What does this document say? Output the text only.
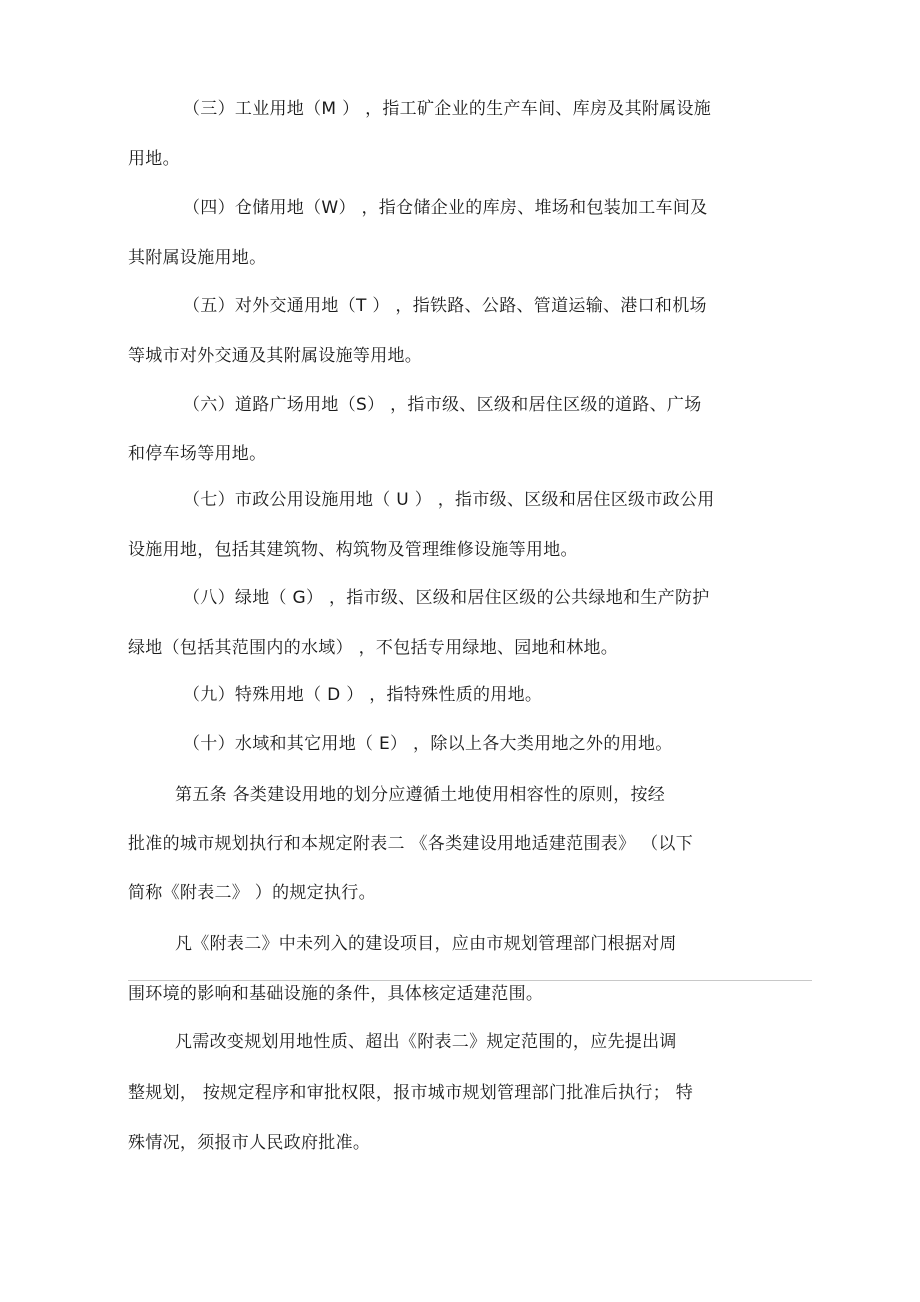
（三）工业用地（M ） ，指工矿企业的生产车间、库房及其附属设施
用地。
（四）仓储用地（W） ，指仓储企业的库房、堆场和包装加工车间及
其附属设施用地。
（五）对外交通用地（T ） ，指铁路、公路、管道运输、港口和机场
等城市对外交通及其附属设施等用地。
（六）道路广场用地（S） ，指市级、区级和居住区级的道路、广场
和停车场等用地。
（七）市政公用设施用地（ U ） ，指市级、区级和居住区级市政公用
设施用地，包括其建筑物、构筑物及管理维修设施等用地。
（八）绿地（ G） ，指市级、区级和居住区级的公共绿地和生产防护
绿地（包括其范围内的水域） ，不包括专用绿地、园地和林地。
（九）特殊用地（ D ） ，指特殊性质的用地。
（十）水域和其它用地（ E） ，除以上各大类用地之外的用地。
第五条 各类建设用地的划分应遵循土地使用相容性的原则，按经
批准的城市规划执行和本规定附表二 《各类建设用地适建范围表》 （以下
简称《附表二》 ）的规定执行。
凡《附表二》中未列入的建设项目，应由市规划管理部门根据对周
围环境的影响和基础设施的条件，具体核定适建范围。
凡需改变规划用地性质、超出《附表二》规定范围的，应先提出调
整规划， 按规定程序和审批权限，报市城市规划管理部门批准后执行； 特
殊情况，须报市人民政府批准。
